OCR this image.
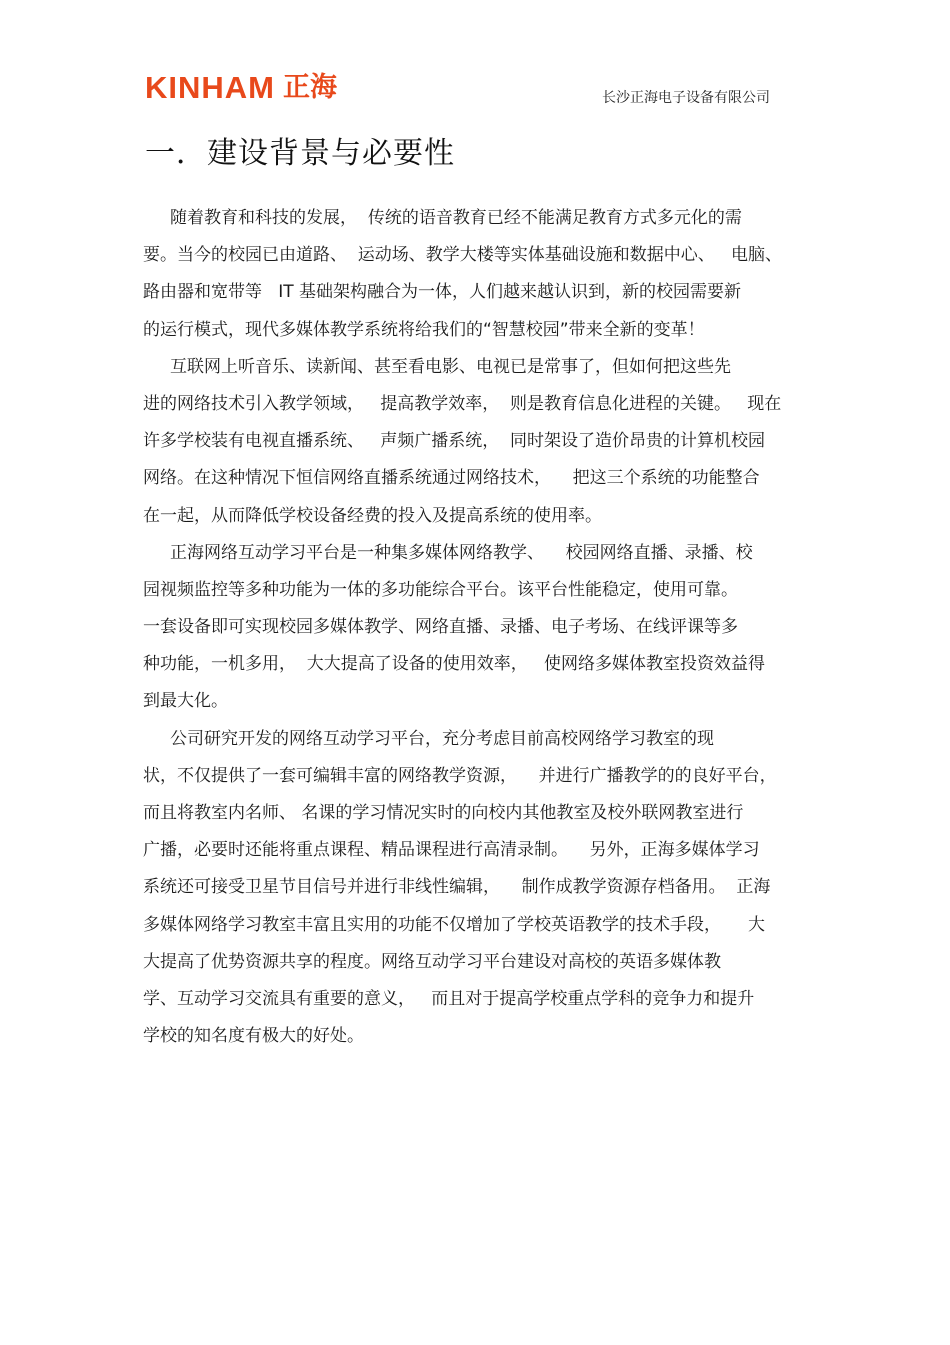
KINHAM 正海	长沙正海电子设备有限公司
一．建设背景与必要性
随着教育和科技的发展，  传统的语音教育已经不能满足教育方式多元化的需
要。当今的校园已由道路、  运动场、教学大楼等实体基础设施和数据中心、   电脑、
路由器和宽带等   IT 基础架构融合为一体，人们越来越认识到，新的校园需要新
的运行模式，现代多媒体教学系统将给我们的“智慧校园”带来全新的变革！
互联网上听音乐、读新闻、甚至看电影、电视已是常事了，但如何把这些先
进的网络技术引入教学领域，   提高教学效率，  则是教育信息化进程的关键。   现在
许多学校装有电视直播系统、   声频广播系统，  同时架设了造价昂贵的计算机校园
网络。在这种情况下恒信网络直播系统通过网络技术，    把这三个系统的功能整合
在一起，从而降低学校设备经费的投入及提高系统的使用率。
正海网络互动学习平台是一种集多媒体网络教学、    校园网络直播、录播、校
园视频监控等多种功能为一体的多功能综合平台。该平台性能稳定，使用可靠。
一套设备即可实现校园多媒体教学、网络直播、录播、电子考场、在线评课等多
种功能，一机多用，  大大提高了设备的使用效率，   使网络多媒体教室投资效益得
到最大化。
公司研究开发的网络互动学习平台，充分考虑目前高校网络学习教室的现
状，不仅提供了一套可编辑丰富的网络教学资源，    并进行广播教学的的良好平台，
而且将教室内名师、 名课的学习情况实时的向校内其他教室及校外联网教室进行
广播，必要时还能将重点课程、精品课程进行高清录制。    另外，正海多媒体学习
系统还可接受卫星节目信号并进行非线性编辑，    制作成教学资源存档备用。  正海
多媒体网络学习教室丰富且实用的功能不仅增加了学校英语教学的技术手段，     大
大提高了优势资源共享的程度。网络互动学习平台建设对高校的英语多媒体教
学、互动学习交流具有重要的意义，   而且对于提高学校重点学科的竞争力和提升
学校的知名度有极大的好处。
